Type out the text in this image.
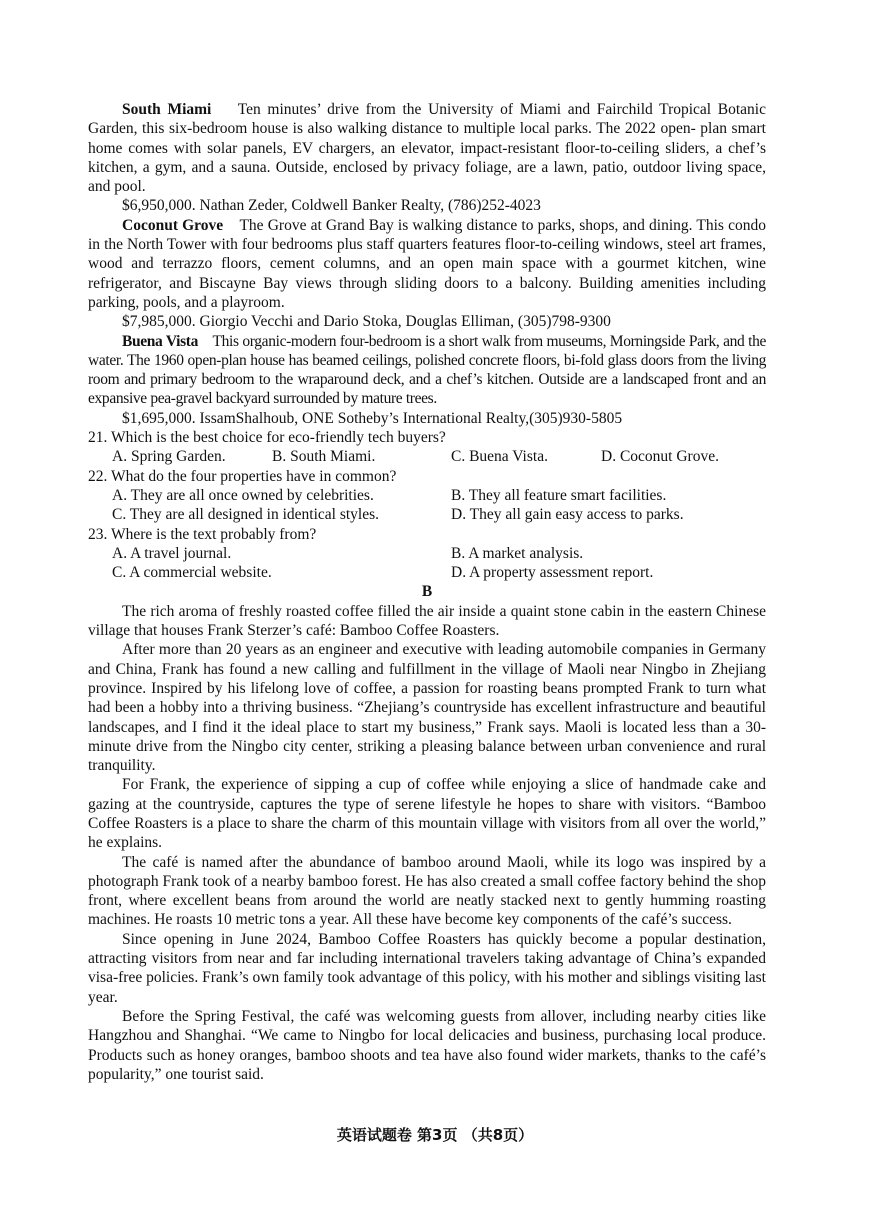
South Miami Ten minutes’ drive from the University of Miami and Fairchild Tropical Botanic Garden, this six-bedroom house is also walking distance to multiple local parks. The 2022 open- plan smart home comes with solar panels, EV chargers, an elevator, impact-resistant floor-to-ceiling sliders, a chef’s kitchen, a gym, and a sauna. Outside, enclosed by privacy foliage, are a lawn, patio, outdoor living space, and pool.

$6,950,000. Nathan Zeder, Coldwell Banker Realty, (786)252-4023

Coconut Grove The Grove at Grand Bay is walking distance to parks, shops, and dining. This condo in the North Tower with four bedrooms plus staff quarters features floor-to-ceiling windows, steel art frames, wood and terrazzo floors, cement columns, and an open main space with a gourmet kitchen, wine refrigerator, and Biscayne Bay views through sliding doors to a balcony. Building amenities including parking, pools, and a playroom.

$7,985,000. Giorgio Vecchi and Dario Stoka, Douglas Elliman, (305)798-9300

Buena Vista This organic-modern four-bedroom is a short walk from museums, Morningside Park, and the water. The 1960 open-plan house has beamed ceilings, polished concrete floors, bi-fold glass doors from the living room and primary bedroom to the wraparound deck, and a chef’s kitchen. Outside are a landscaped front and an expansive pea-gravel backyard surrounded by mature trees.

$1,695,000. IssamShalhoub, ONE Sotheby’s International Realty,(305)930-5805

21. Which is the best choice for eco-friendly tech buyers?
A. Spring Garden.	B. South Miami.	C. Buena Vista.	D. Coconut Grove.
22. What do the four properties have in common?
A. They are all once owned by celebrities.	B. They all feature smart facilities.
C. They are all designed in identical styles.	D. They all gain easy access to parks.
23. Where is the text probably from?
A. A travel journal.	B. A market analysis.
C. A commercial website.	D. A property assessment report.
B

The rich aroma of freshly roasted coffee filled the air inside a quaint stone cabin in the eastern Chinese village that houses Frank Sterzer’s café: Bamboo Coffee Roasters.

After more than 20 years as an engineer and executive with leading automobile companies in Germany and China, Frank has found a new calling and fulfillment in the village of Maoli near Ningbo in Zhejiang province. Inspired by his lifelong love of coffee, a passion for roasting beans prompted Frank to turn what had been a hobby into a thriving business. “Zhejiang’s countryside has excellent infrastructure and beautiful landscapes, and I find it the ideal place to start my business,” Frank says. Maoli is located less than a 30-minute drive from the Ningbo city center, striking a pleasing balance between urban convenience and rural tranquility.

For Frank, the experience of sipping a cup of coffee while enjoying a slice of handmade cake and gazing at the countryside, captures the type of serene lifestyle he hopes to share with visitors. “Bamboo Coffee Roasters is a place to share the charm of this mountain village with visitors from all over the world,” he explains.

The café is named after the abundance of bamboo around Maoli, while its logo was inspired by a photograph Frank took of a nearby bamboo forest. He has also created a small coffee factory behind the shop front, where excellent beans from around the world are neatly stacked next to gently humming roasting machines. He roasts 10 metric tons a year. All these have become key components of the café’s success.

Since opening in June 2024, Bamboo Coffee Roasters has quickly become a popular destination, attracting visitors from near and far including international travelers taking advantage of China’s expanded visa-free policies. Frank’s own family took advantage of this policy, with his mother and siblings visiting last year.

Before the Spring Festival, the café was welcoming guests from allover, including nearby cities like Hangzhou and Shanghai. “We came to Ningbo for local delicacies and business, purchasing local produce. Products such as honey oranges, bamboo shoots and tea have also found wider markets, thanks to the café’s popularity,” one tourist said.

英语试题卷 第3页 （共8页）
